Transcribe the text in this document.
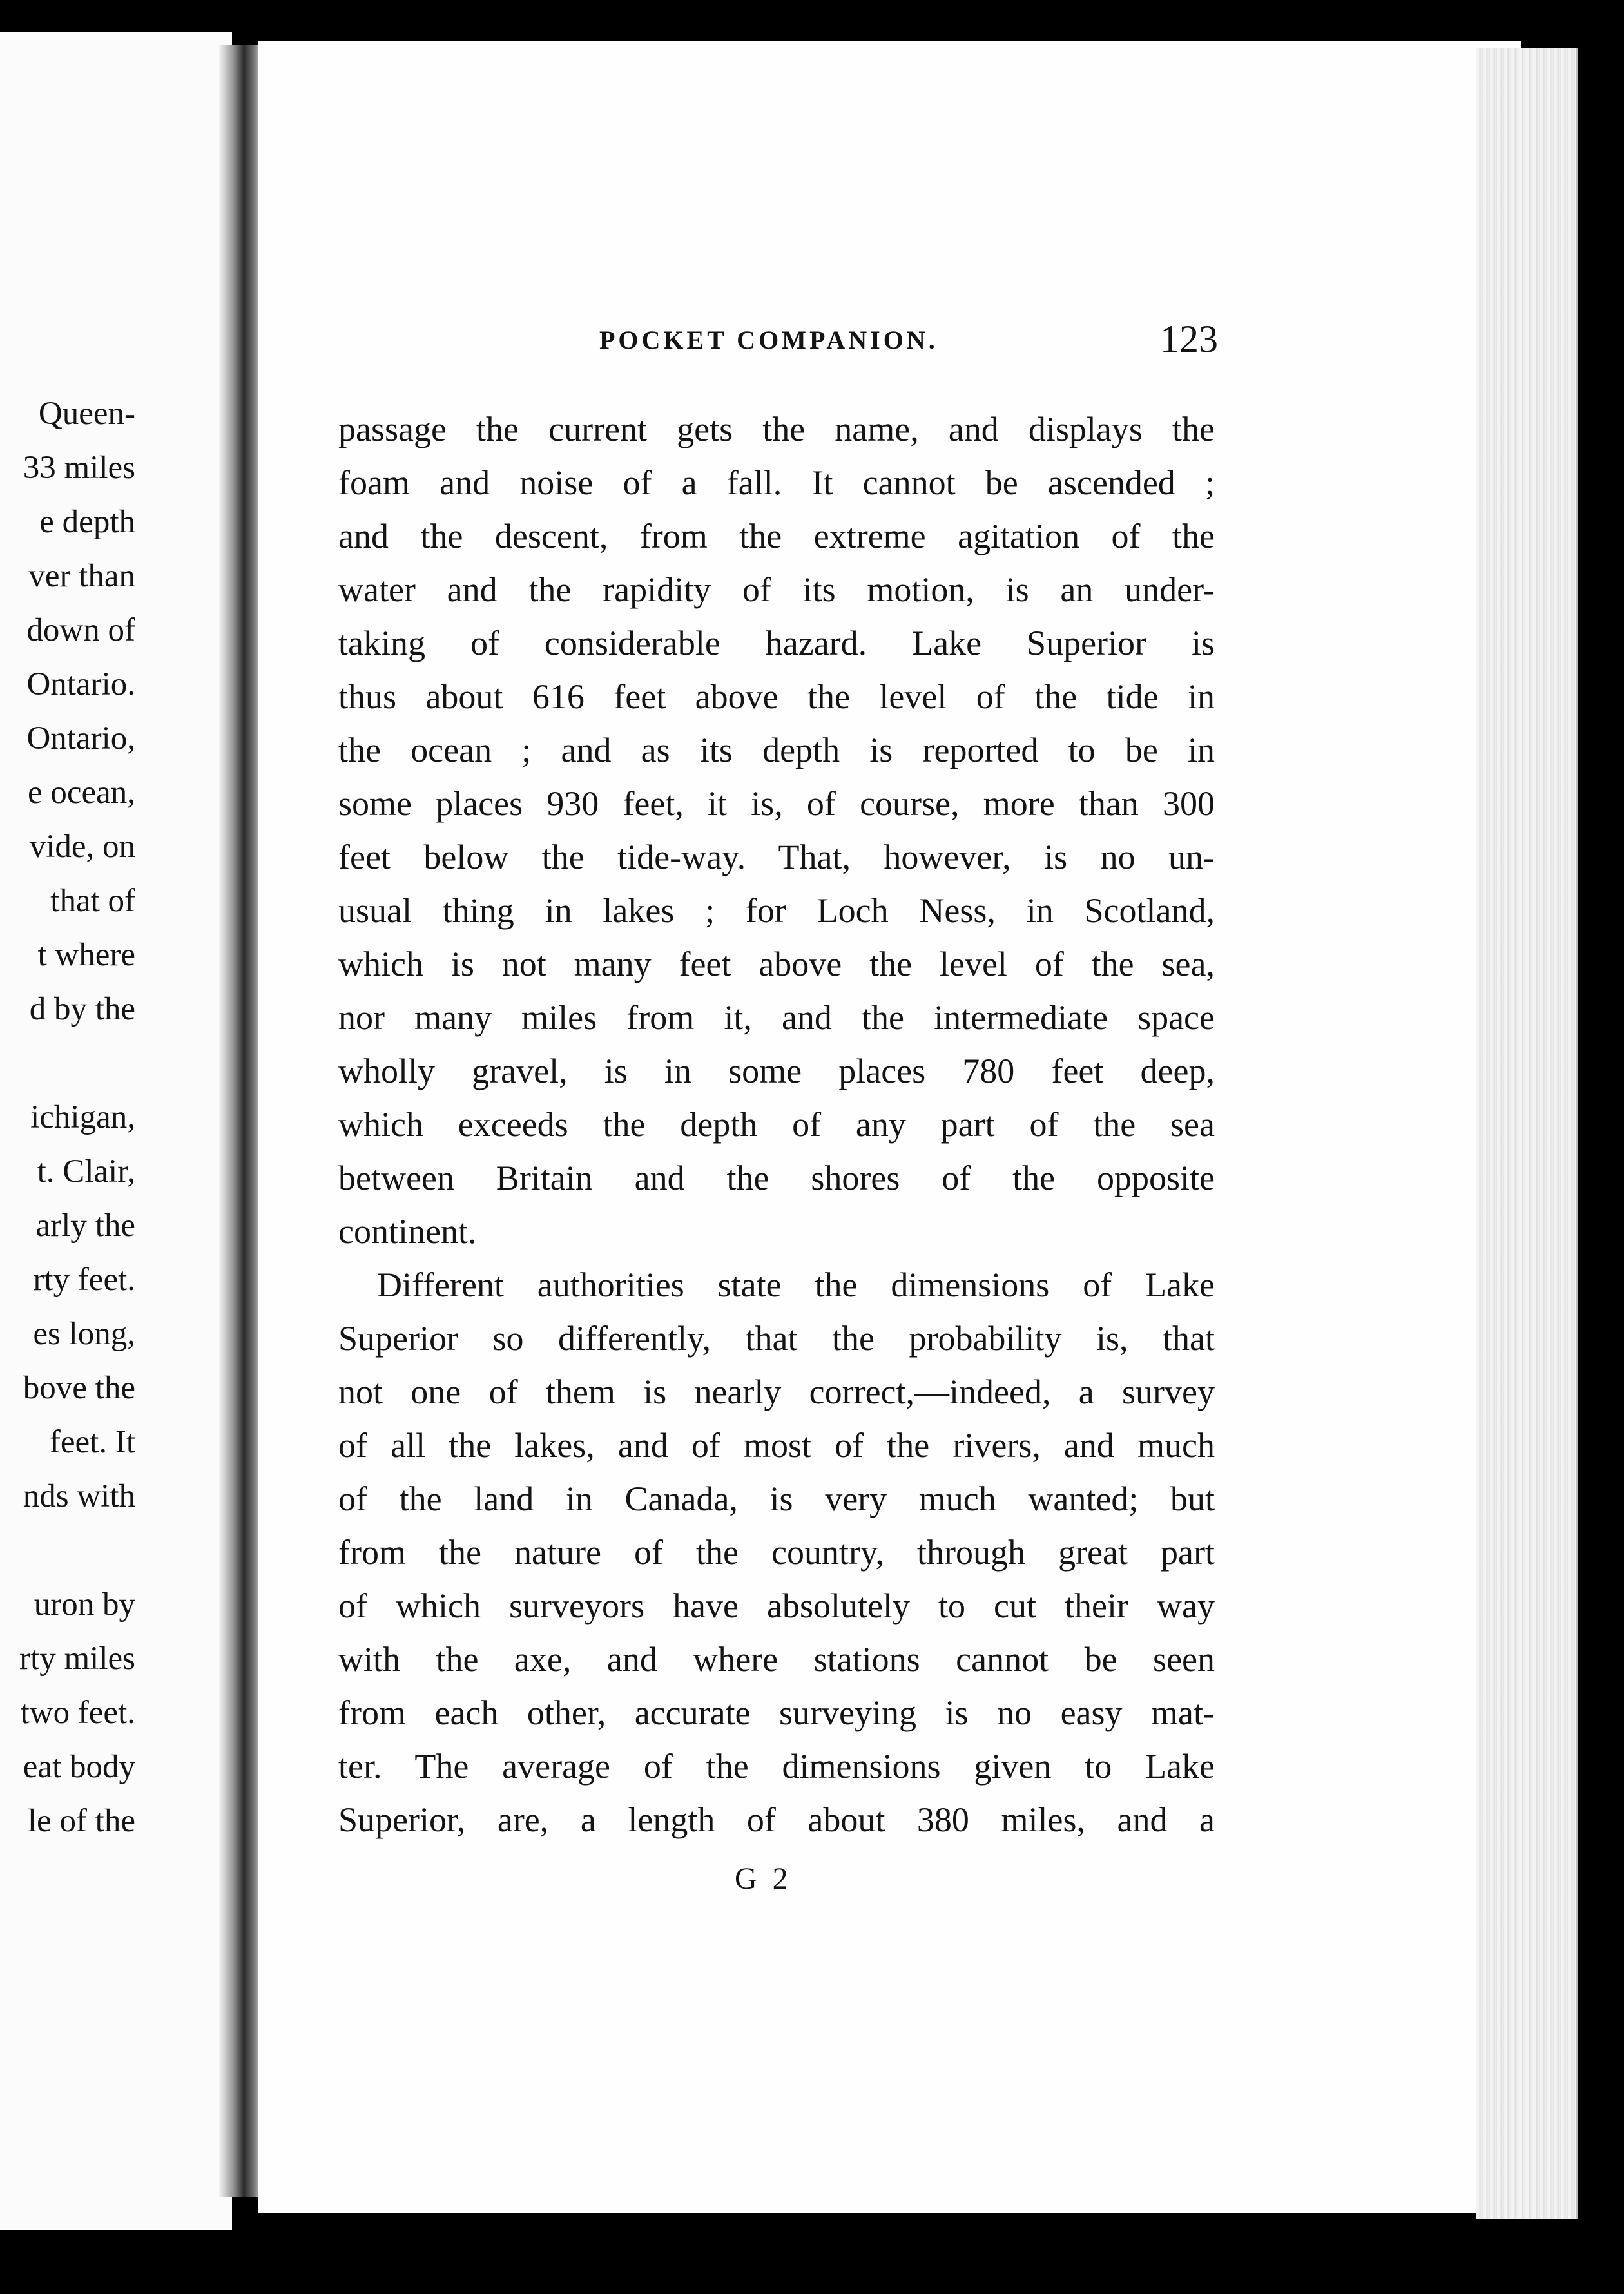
Queen-
33 miles
e depth
ver than
down of
Ontario.
Ontario,
e ocean,
vide, on
that of
t where
d by the
ichigan,
t. Clair,
arly the
rty feet.
es long,
bove the
feet. It
nds with
uron by
rty miles
two feet.
eat body
le of the
POCKET COMPANION.	123
passage the current gets the name, and displays the
foam and noise of a fall. It cannot be ascended ;
and the descent, from the extreme agitation of the
water and the rapidity of its motion, is an under-
taking of considerable hazard. Lake Superior is
thus about 616 feet above the level of the tide in
the ocean ; and as its depth is reported to be in
some places 930 feet, it is, of course, more than 300
feet below the tide-way. That, however, is no un-
usual thing in lakes ; for Loch Ness, in Scotland,
which is not many feet above the level of the sea,
nor many miles from it, and the intermediate space
wholly gravel, is in some places 780 feet deep,
which exceeds the depth of any part of the sea
between Britain and the shores of the opposite
continent.
Different authorities state the dimensions of Lake
Superior so differently, that the probability is, that
not one of them is nearly correct,—indeed, a survey
of all the lakes, and of most of the rivers, and much
of the land in Canada, is very much wanted; but
from the nature of the country, through great part
of which surveyors have absolutely to cut their way
with the axe, and where stations cannot be seen
from each other, accurate surveying is no easy mat-
ter. The average of the dimensions given to Lake
Superior, are, a length of about 380 miles, and a
G 2
